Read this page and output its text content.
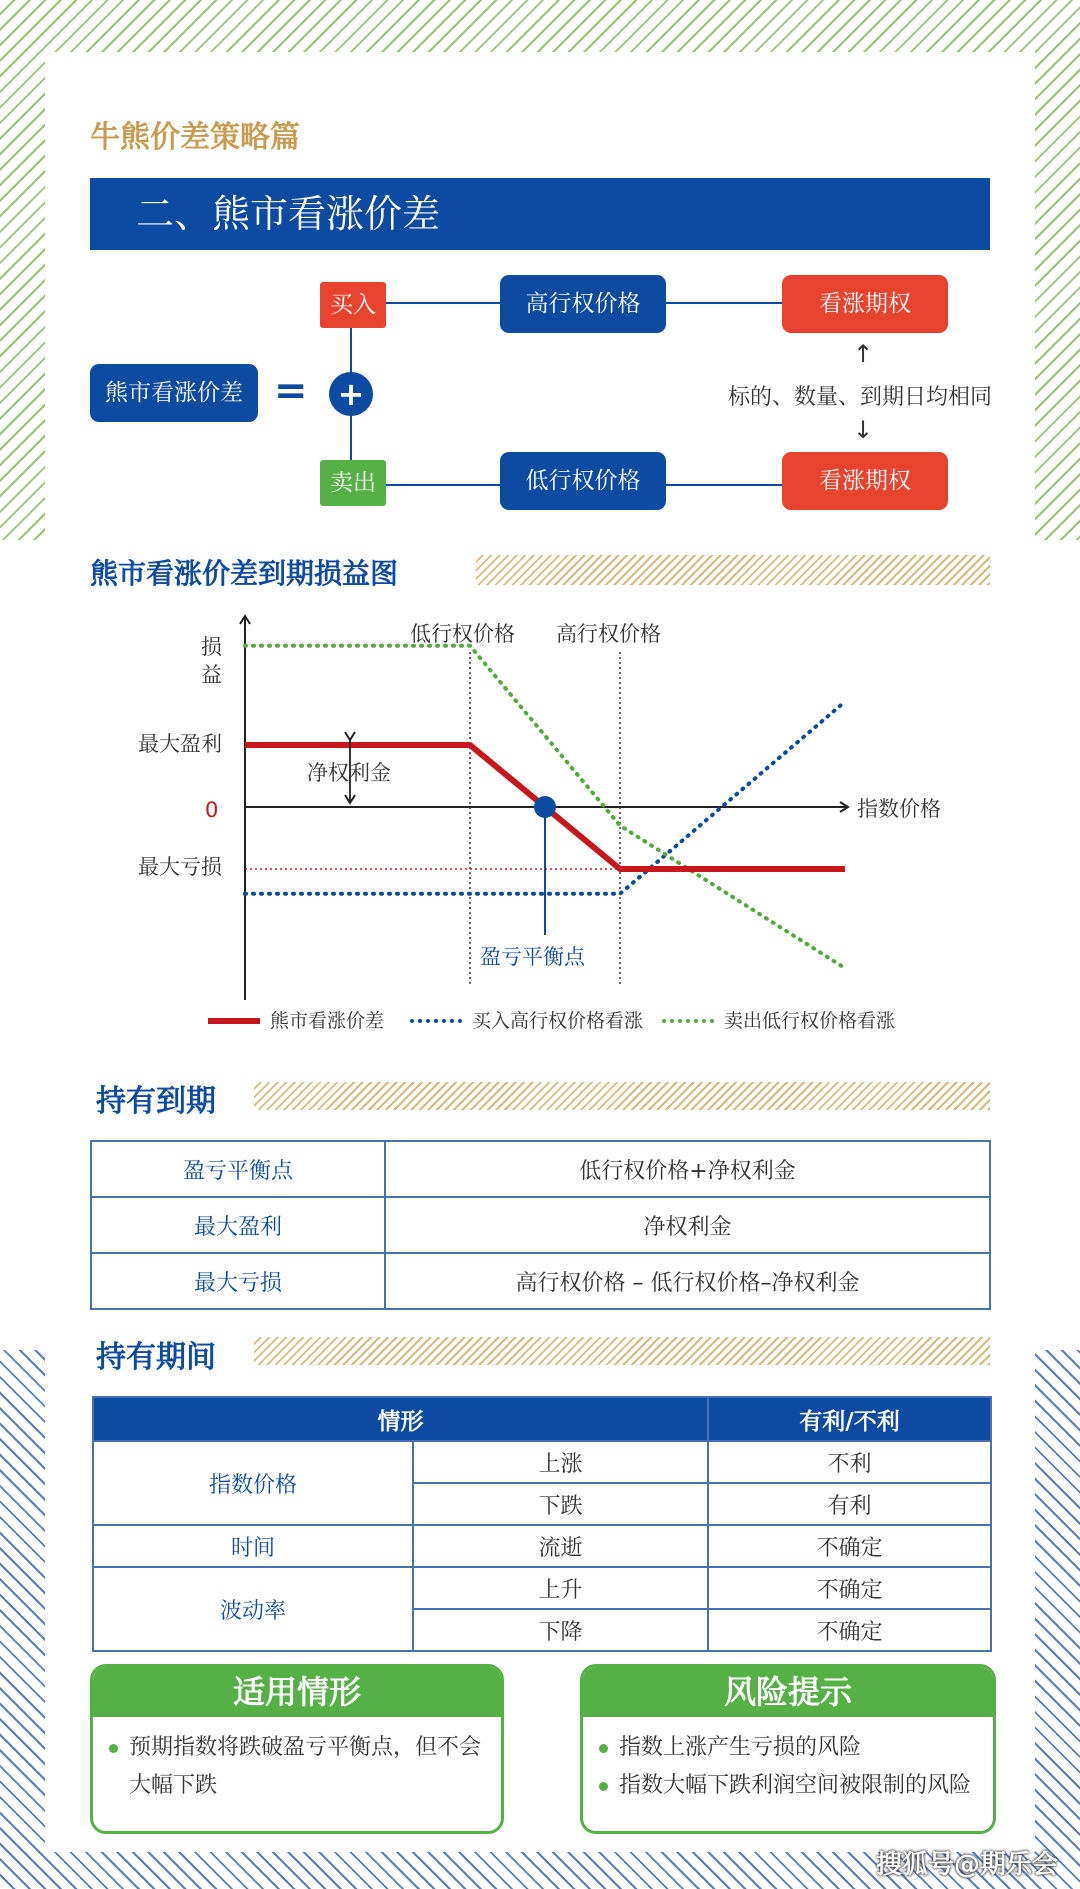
牛熊价差策略篇
二、熊市看涨价差
熊市看涨价差 = +
买入
卖出
高行权价格
低行权价格
看涨期权
看涨期权
↑
标的、数量、到期日均相同
↓
熊市看涨价差到期损益图
损
益
最大盈利
0
最大亏损
低行权价格 高行权价格
净权利金
指数价格
盈亏平衡点
熊市看涨价差	买入高行权价格看涨	卖出低行权价格看涨
持有到期
盈亏平衡点	低行权价格+净权利金
最大盈利	净权利金
最大亏损	高行权价格 – 低行权价格–净权利金
持有期间
情形		有利/不利
指数价格	上涨	不利
	下跌	有利
时间	流逝	不确定
波动率	上升	不确定
	下降	不确定
适用情形
预期指数将跌破盈亏平衡点，但不会大幅下跌
风险提示
指数上涨产生亏损的风险
指数大幅下跌利润空间被限制的风险
搜狐号@期乐会
